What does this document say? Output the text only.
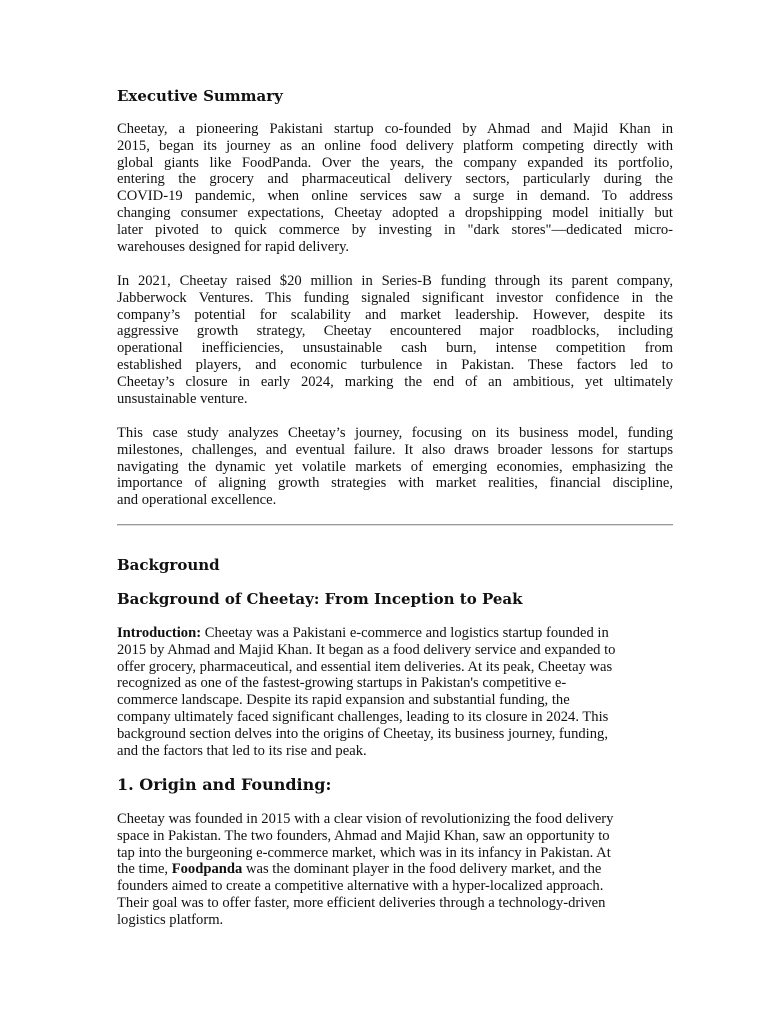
Executive Summary
Cheetay, a pioneering Pakistani startup co-founded by Ahmad and Majid Khan in
2015, began its journey as an online food delivery platform competing directly with
global giants like FoodPanda. Over the years, the company expanded its portfolio,
entering the grocery and pharmaceutical delivery sectors, particularly during the
COVID-19 pandemic, when online services saw a surge in demand. To address
changing consumer expectations, Cheetay adopted a dropshipping model initially but
later pivoted to quick commerce by investing in "dark stores"—dedicated micro-
warehouses designed for rapid delivery.
In 2021, Cheetay raised $20 million in Series-B funding through its parent company,
Jabberwock Ventures. This funding signaled significant investor confidence in the
company’s potential for scalability and market leadership. However, despite its
aggressive growth strategy, Cheetay encountered major roadblocks, including
operational inefficiencies, unsustainable cash burn, intense competition from
established players, and economic turbulence in Pakistan. These factors led to
Cheetay’s closure in early 2024, marking the end of an ambitious, yet ultimately
unsustainable venture.
This case study analyzes Cheetay’s journey, focusing on its business model, funding
milestones, challenges, and eventual failure. It also draws broader lessons for startups
navigating the dynamic yet volatile markets of emerging economies, emphasizing the
importance of aligning growth strategies with market realities, financial discipline,
and operational excellence.
Background
Background of Cheetay: From Inception to Peak
Introduction: Cheetay was a Pakistani e-commerce and logistics startup founded in
2015 by Ahmad and Majid Khan. It began as a food delivery service and expanded to
offer grocery, pharmaceutical, and essential item deliveries. At its peak, Cheetay was
recognized as one of the fastest-growing startups in Pakistan's competitive e-
commerce landscape. Despite its rapid expansion and substantial funding, the
company ultimately faced significant challenges, leading to its closure in 2024. This
background section delves into the origins of Cheetay, its business journey, funding,
and the factors that led to its rise and peak.
1. Origin and Founding:
Cheetay was founded in 2015 with a clear vision of revolutionizing the food delivery
space in Pakistan. The two founders, Ahmad and Majid Khan, saw an opportunity to
tap into the burgeoning e-commerce market, which was in its infancy in Pakistan. At
the time, Foodpanda was the dominant player in the food delivery market, and the
founders aimed to create a competitive alternative with a hyper-localized approach.
Their goal was to offer faster, more efficient deliveries through a technology-driven
logistics platform.
